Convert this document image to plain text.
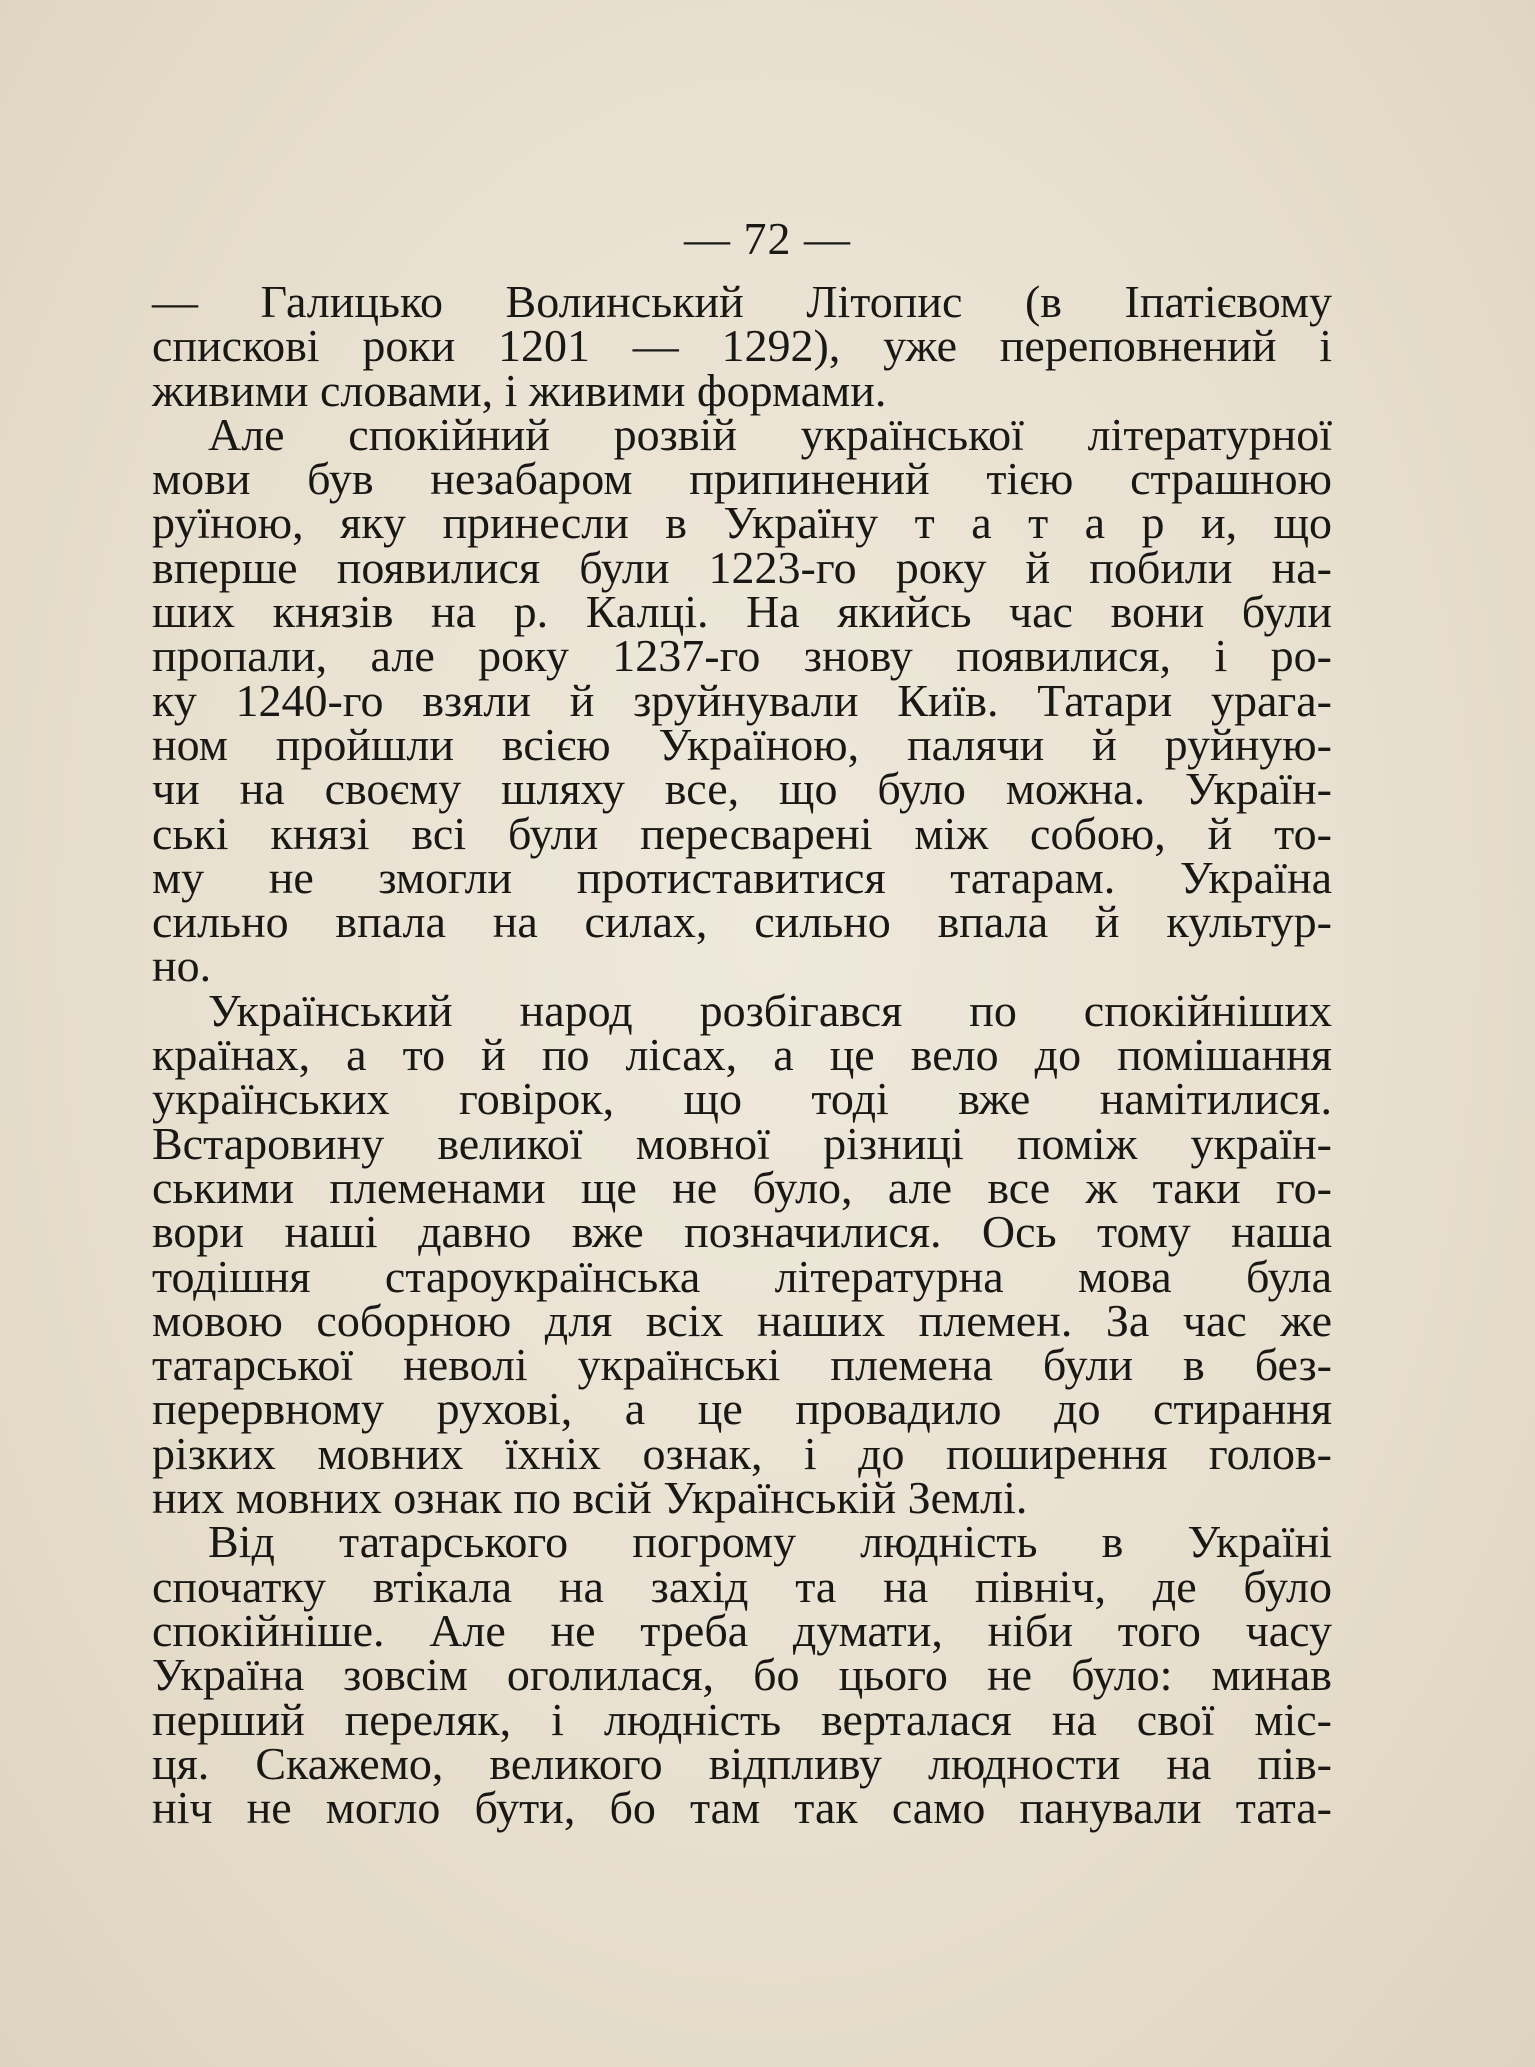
— 72 —
— Галицько Волинський Літопис (в Іпатієвому
спискові роки 1201 — 1292), уже переповнений і
живими словами, і живими формами.
Але спокійний розвій української літературної
мови був незабаром припинений тією страшною
руїною, яку принесли в Україну т а т а р и, що
вперше появилися були 1223-го року й побили на-
ших князів на р. Калці. На якийсь час вони були
пропали, але року 1237-го знову появилися, і ро-
ку 1240-го взяли й зруйнували Київ. Татари урага-
ном пройшли всією Україною, палячи й руйную-
чи на своєму шляху все, що було можна. Україн-
ські князі всі були пересварені між собою, й то-
му не змогли протиставитися татарам. Україна
сильно впала на силах, сильно впала й культур-
но.
Український народ розбігався по спокійніших
країнах, а то й по лісах, а це вело до помішання
українських говірок, що тоді вже намітилися.
Встаровину великої мовної різниці поміж україн-
ськими племенами ще не було, але все ж таки го-
вори наші давно вже позначилися. Ось тому наша
тодішня староукраїнська літературна мова була
мовою соборною для всіх наших племен. За час же
татарської неволі українські племена були в без-
перервному рухові, а це провадило до стирання
різких мовних їхніх ознак, і до поширення голов-
них мовних ознак по всій Українській Землі.
Від татарського погрому людність в Україні
спочатку втікала на захід та на північ, де було
спокійніше. Але не треба думати, ніби того часу
Україна зовсім оголилася, бо цього не було: минав
перший переляк, і людність верталася на свої міс-
ця. Скажемо, великого відпливу людности на пів-
ніч не могло бути, бо там так само панували тата-
